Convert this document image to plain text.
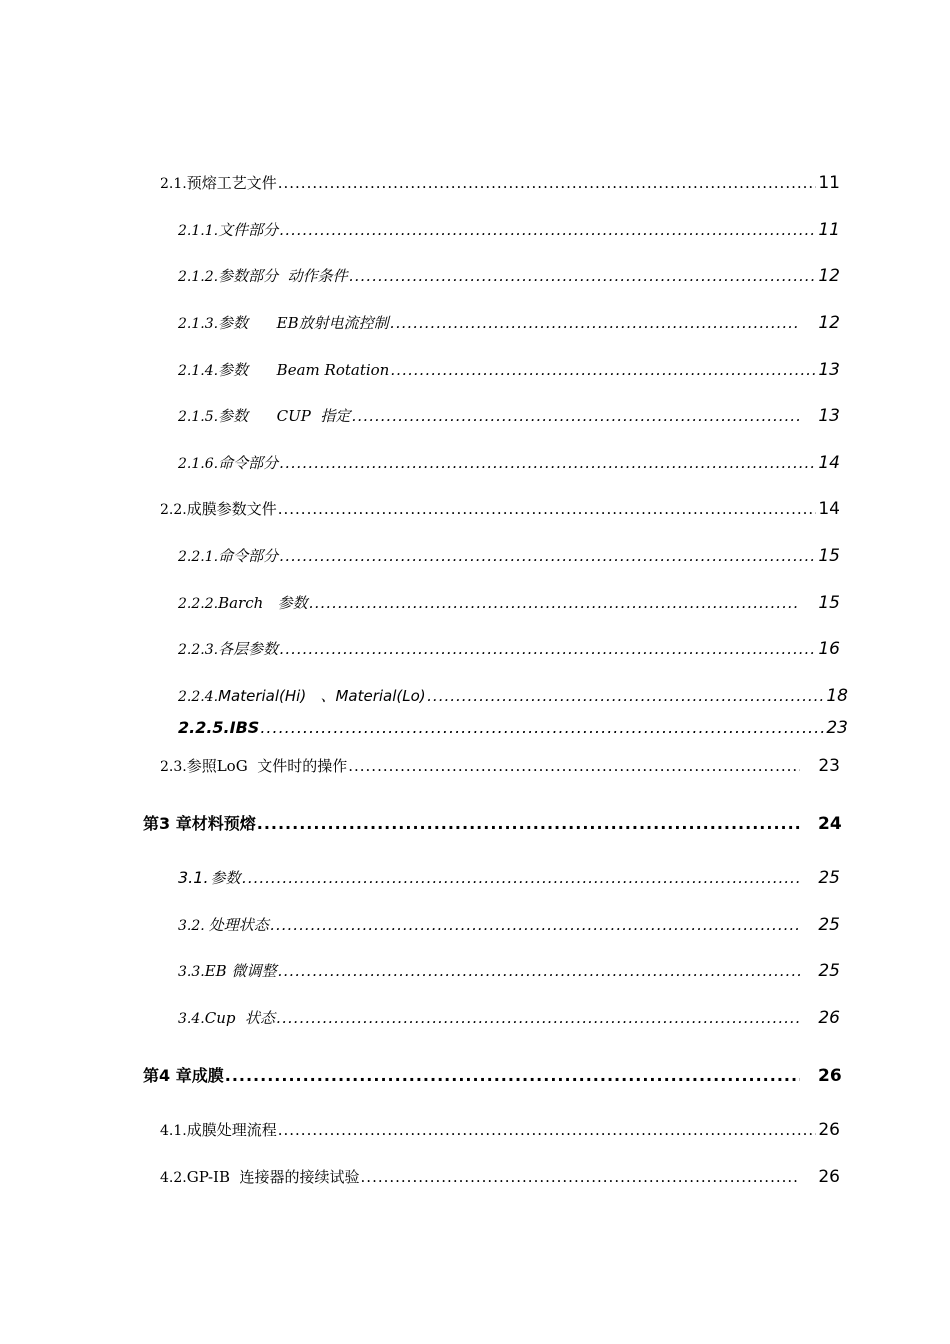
2.1. 预熔工艺文件 .....	11
2.1.1. 文件部分 .....	11
2.1.2. 参数部分  动作条件 .....	12
2.1.3. 参数      EB放射电流控制 .....	12
2.1.4. 参数      Beam Rotation .....	13
2.1.5. 参数      CUP  指定 .....	13
2.1.6. 命令部分 .....	14
2.2. 成膜参数文件 .....	14
2.2.1. 命令部分 .....	15
2.2.2. Barch   参数 .....	15
2.2.3. 各层参数 .....	16
2.2.4. Material(Hi)   、Material(Lo) .....	18
2.2.5. IBS .....	23
2.3. 参照LoG  文件时的操作 .....	23
第3 章 材料预熔 .....	24
3.1. 参数 .....	25
3.2. 处理状态 .....	25
3.3. EB 微调整 .....	25
3.4. Cup  状态 .....	26
第4 章 成膜 .....	26
4.1. 成膜处理流程 .....	26
4.2. GP-IB  连接器的接续试验 .....	26
